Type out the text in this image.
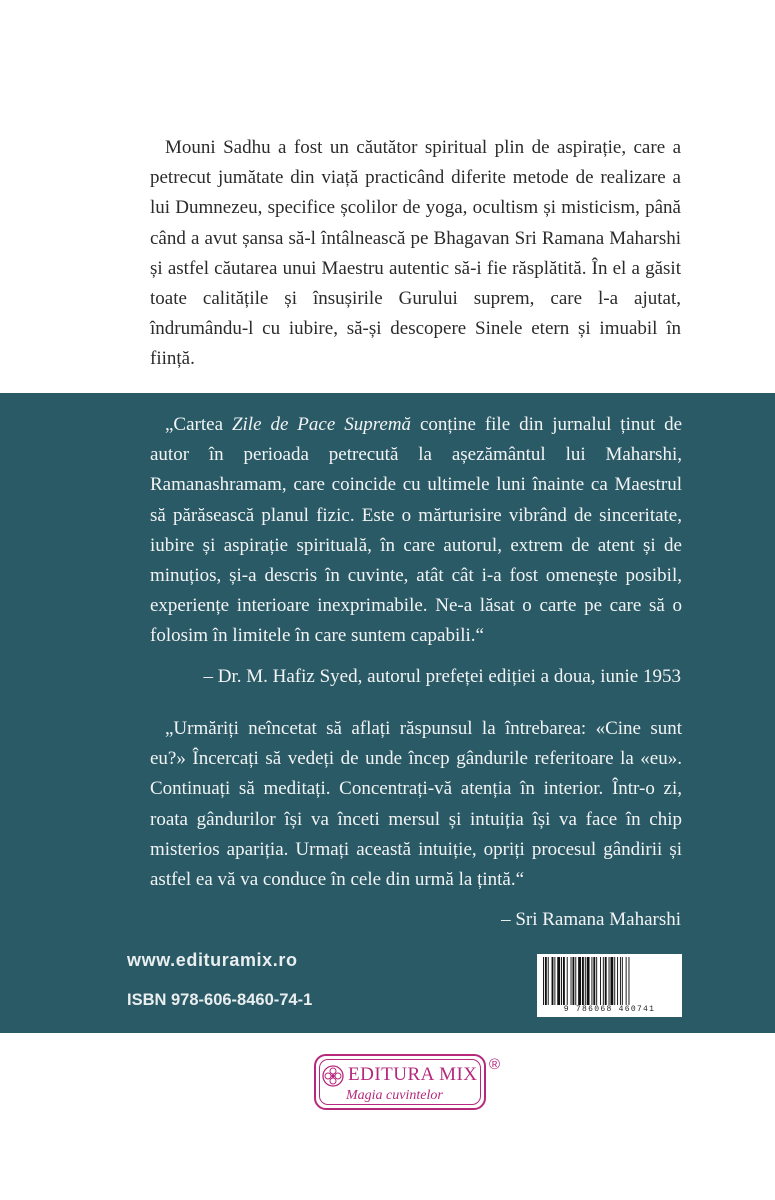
Mouni Sadhu a fost un căutător spiritual plin de aspirație, care a petrecut jumătate din viață practicând diferite metode de realizare a lui Dumnezeu, specifice școlilor de yoga, ocultism și misticism, până când a avut șansa să-l întâlnească pe Bhagavan Sri Ramana Maharshi și astfel căutarea unui Maestru autentic să-i fie răsplătită. În el a găsit toate calitățile și însușirile Gurului suprem, care l-a ajutat, îndrumându-l cu iubire, să-și descopere Sinele etern și imuabil în ființă.

„Cartea Zile de Pace Supremă conține file din jurnalul ținut de autor în perioada petrecută la așezământul lui Maharshi, Ramanashramam, care coincide cu ultimele luni înainte ca Maestrul să părăsească planul fizic. Este o mărturisire vibrând de sinceritate, iubire și aspirație spirituală, în care autorul, extrem de atent și de minuțios, și-a descris în cuvinte, atât cât i-a fost omenește posibil, experiențe interioare inexprimabile. Ne-a lăsat o carte pe care să o folosim în limitele în care suntem capabili.“

– Dr. M. Hafiz Syed, autorul prefeței ediției a doua, iunie 1953

„Urmăriți neîncetat să aflați răspunsul la întrebarea: «Cine sunt eu?» Încercați să vedeți de unde încep gândurile referitoare la «eu». Continuați să meditați. Concentrați-vă atenția în interior. Într-o zi, roata gândurilor își va înceti mersul și intuiția își va face în chip misterios apariția. Urmați această intuiție, opriți procesul gândirii și astfel ea vă va conduce în cele din urmă la țintă.“

– Sri Ramana Maharshi
www.edituramix.ro
ISBN 978-606-8460-74-1
9 786068 460741
EDITURA MIX
Magia cuvintelor
®
